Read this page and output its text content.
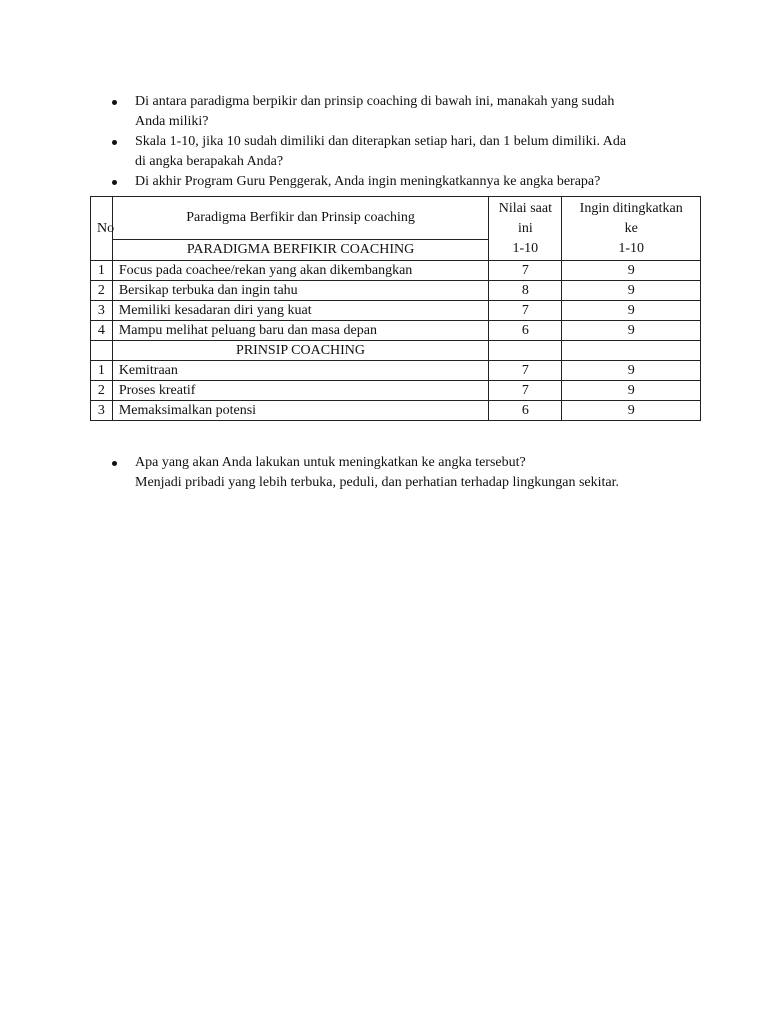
Di antara paradigma berpikir dan prinsip coaching di bawah ini, manakah yang sudah
Anda miliki?
Skala 1-10, jika 10 sudah dimiliki dan diterapkan setiap hari, dan 1 belum dimiliki. Ada
di angka berapakah Anda?
Di akhir Program Guru Penggerak, Anda ingin meningkatkannya ke angka berapa?
No	Paradigma Berfikir dan Prinsip coaching	Nilai saat
ini
1-10	Ingin ditingkatkan
ke
1-10

	PARADIGMA BERFIKIR COACHING		
1	Focus pada coachee/rekan yang akan dikembangkan	7	9
2	Bersikap terbuka dan ingin tahu	8	9
3	Memiliki kesadaran diri yang kuat	7	9
4	Mampu melihat peluang baru dan masa depan	6	9
	PRINSIP COACHING		
1	Kemitraan	7	9
2	Proses kreatif	7	9
3	Memaksimalkan potensi	6	9
Apa yang akan Anda lakukan untuk meningkatkan ke angka tersebut?
Menjadi pribadi yang lebih terbuka, peduli, dan perhatian terhadap lingkungan sekitar.
